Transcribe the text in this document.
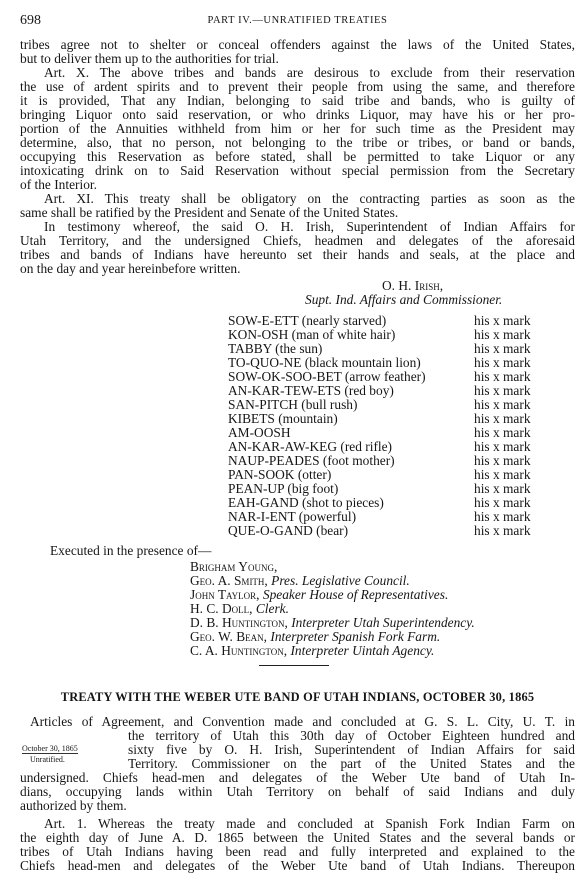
698	PART IV.—UNRATIFIED TREATIES
tribes agree not to shelter or conceal offenders against the laws of the United States,
but to deliver them up to the authorities for trial.
Art. X. The above tribes and bands are desirous to exclude from their reservation
the use of ardent spirits and to prevent their people from using the same, and therefore
it is provided, That any Indian, belonging to said tribe and bands, who is guilty of
bringing Liquor onto said reservation, or who drinks Liquor, may have his or her pro-
portion of the Annuities withheld from him or her for such time as the President may
determine, also, that no person, not belonging to the tribe or tribes, or band or bands,
occupying this Reservation as before stated, shall be permitted to take Liquor or any
intoxicating drink on to Said Reservation without special permission from the Secretary
of the Interior.
Art. XI. This treaty shall be obligatory on the contracting parties as soon as the
same shall be ratified by the President and Senate of the United States.
In testimony whereof, the said O. H. Irish, Superintendent of Indian Affairs for
Utah Territory, and the undersigned Chiefs, headmen and delegates of the aforesaid
tribes and bands of Indians have hereunto set their hands and seals, at the place and
on the day and year hereinbefore written.
O. H. Irish,
Supt. Ind. Affairs and Commissioner.
SOW-E-ETT (nearly starved)	his x mark
KON-OSH (man of white hair)	his x mark
TABBY (the sun)	his x mark
TO-QUO-NE (black mountain lion)	his x mark
SOW-OK-SOO-BET (arrow feather)	his x mark
AN-KAR-TEW-ETS (red boy)	his x mark
SAN-PITCH (bull rush)	his x mark
KIBETS (mountain)	his x mark
AM-OOSH	his x mark
AN-KAR-AW-KEG (red rifle)	his x mark
NAUP-PEADES (foot mother)	his x mark
PAN-SOOK (otter)	his x mark
PEAN-UP (big foot)	his x mark
EAH-GAND (shot to pieces)	his x mark
NAR-I-ENT (powerful)	his x mark
QUE-O-GAND (bear)	his x mark
Executed in the presence of—
Brigham Young,
Geo. A. Smith, Pres. Legislative Council.
John Taylor, Speaker House of Representatives.
H. C. Doll, Clerk.
D. B. Huntington, Interpreter Utah Superintendency.
Geo. W. Bean, Interpreter Spanish Fork Farm.
C. A. Huntington, Interpreter Uintah Agency.
TREATY WITH THE WEBER UTE BAND OF UTAH INDIANS, OCTOBER 30, 1865
Articles of Agreement, and Convention made and concluded at G. S. L. City, U. T. in
the territory of Utah this 30th day of October Eighteen hundred and
sixty five by O. H. Irish, Superintendent of Indian Affairs for said
Territory. Commissioner on the part of the United States and the
undersigned. Chiefs head-men and delegates of the Weber Ute band of Utah In-
dians, occupying lands within Utah Territory on behalf of said Indians and duly
authorized by them.
Art. 1. Whereas the treaty made and concluded at Spanish Fork Indian Farm on
the eighth day of June A. D. 1865 between the United States and the several bands or
tribes of Utah Indians having been read and fully interpreted and explained to the
Chiefs head-men and delegates of the Weber Ute band of Utah Indians. Thereupon
October 30, 1865
Unratified.
